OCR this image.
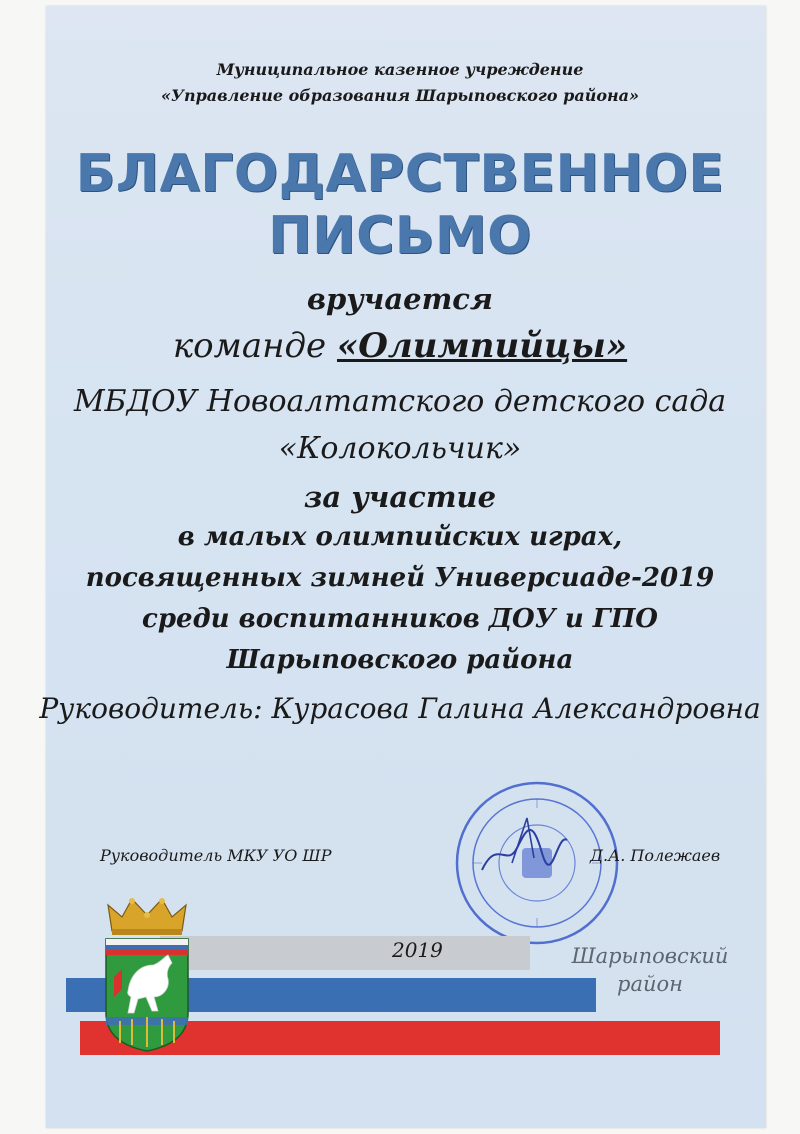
Муниципальное казенное учреждение
«Управление образования Шарыповского района»
БЛАГОДАРСТВЕННОЕ
ПИСЬМО
вручается
команде «Олимпийцы»
МБДОУ Новоалтатского детского сада
«Колокольчик»
за участие
в малых олимпийских играх,
посвященных зимней Универсиаде-2019
среди воспитанников ДОУ и ГПО
Шарыповского района
Руководитель: Курасова Галина Александровна
Руководитель МКУ УО ШР	Д.А. Полежаев
2019	Шарыповский
район
